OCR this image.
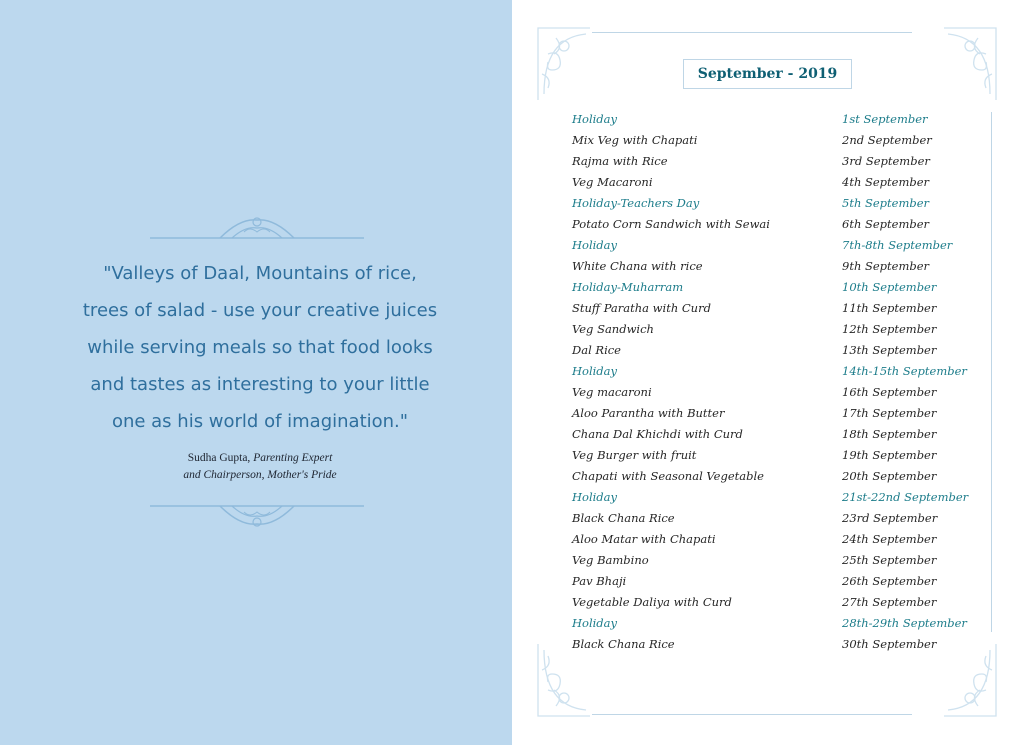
"Valleys of Daal, Mountains of rice,

trees of salad - use your creative juices

while serving meals so that food looks

and tastes as interesting to your little

one as his world of imagination."

Sudha Gupta, Parenting Expert
and Chairperson, Mother's Pride
September - 2019
Holiday	1st September
Mix Veg with Chapati	2nd September
Rajma with Rice	3rd September
Veg Macaroni	4th September
Holiday-Teachers Day	5th September
Potato Corn Sandwich with Sewai	6th September
Holiday	7th-8th September
White Chana with rice	9th September
Holiday-Muharram	10th September
Stuff Paratha with Curd	11th September
Veg Sandwich	12th September
Dal Rice	13th September
Holiday	14th-15th September
Veg macaroni	16th September
Aloo Parantha with Butter	17th September
Chana Dal Khichdi with Curd	18th September
Veg Burger with fruit	19th September
Chapati with Seasonal Vegetable	20th September
Holiday	21st-22nd September
Black Chana Rice	23rd September
Aloo Matar with Chapati	24th September
Veg Bambino	25th September
Pav Bhaji	26th September
Vegetable Daliya with Curd	27th September
Holiday	28th-29th September
Black Chana Rice	30th September
